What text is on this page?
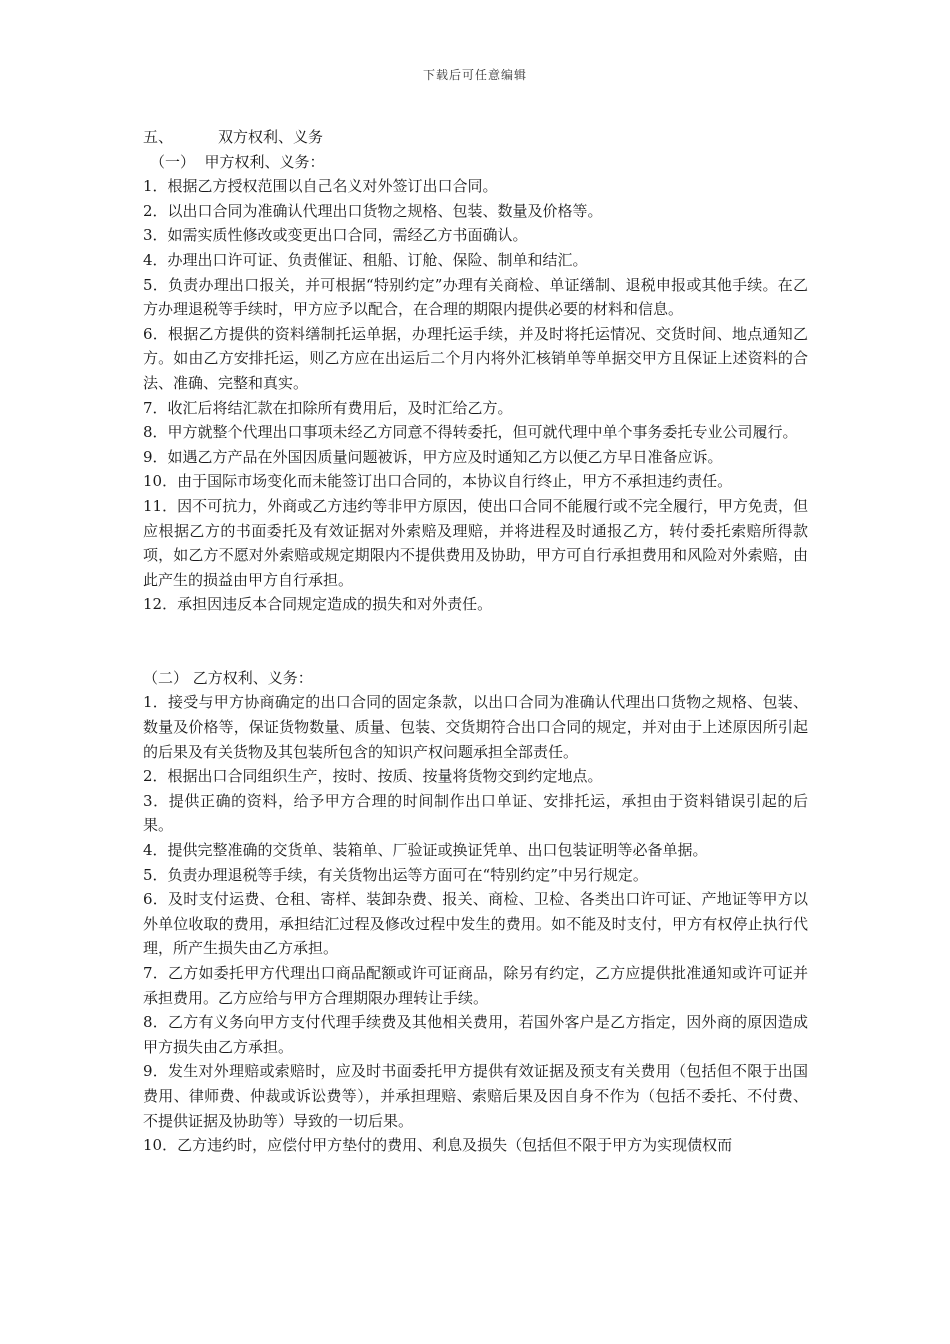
下载后可任意编辑
五、	双方权利、义务
（一）  甲方权利、义务：

1．根据乙方授权范围以自己名义对外签订出口合同。

2．以出口合同为准确认代理出口货物之规格、包装、数量及价格等。

3．如需实质性修改或变更出口合同，需经乙方书面确认。

4．办理出口许可证、负责催证、租船、订舱、保险、制单和结汇。

5．负责办理出口报关，并可根据“特别约定”办理有关商检、单证缮制、退税申报或其他手续。在乙方办理退税等手续时，甲方应予以配合，在合理的期限内提供必要的材料和信息。

6．根据乙方提供的资料缮制托运单据，办理托运手续，并及时将托运情况、交货时间、地点通知乙方。如由乙方安排托运，则乙方应在出运后二个月内将外汇核销单等单据交甲方且保证上述资料的合法、准确、完整和真实。

7．收汇后将结汇款在扣除所有费用后，及时汇给乙方。

8．甲方就整个代理出口事项未经乙方同意不得转委托，但可就代理中单个事务委托专业公司履行。

9．如遇乙方产品在外国因质量问题被诉，甲方应及时通知乙方以便乙方早日准备应诉。

10．由于国际市场变化而未能签订出口合同的，本协议自行终止，甲方不承担违约责任。

11．因不可抗力，外商或乙方违约等非甲方原因，使出口合同不能履行或不完全履行，甲方免责，但应根据乙方的书面委托及有效证据对外索赔及理赔，并将进程及时通报乙方，转付委托索赔所得款项，如乙方不愿对外索赔或规定期限内不提供费用及协助，甲方可自行承担费用和风险对外索赔，由此产生的损益由甲方自行承担。

12．承担因违反本合同规定造成的损失和对外责任。

（二） 乙方权利、义务：

1．接受与甲方协商确定的出口合同的固定条款，以出口合同为准确认代理出口货物之规格、包装、数量及价格等，保证货物数量、质量、包装、交货期符合出口合同的规定，并对由于上述原因所引起的后果及有关货物及其包装所包含的知识产权问题承担全部责任。

2．根据出口合同组织生产，按时、按质、按量将货物交到约定地点。

3．提供正确的资料，给予甲方合理的时间制作出口单证、安排托运，承担由于资料错误引起的后果。

4．提供完整准确的交货单、装箱单、厂验证或换证凭单、出口包装证明等必备单据。

5．负责办理退税等手续，有关货物出运等方面可在“特别约定”中另行规定。

6．及时支付运费、仓租、寄样、装卸杂费、报关、商检、卫检、各类出口许可证、产地证等甲方以外单位收取的费用，承担结汇过程及修改过程中发生的费用。如不能及时支付，甲方有权停止执行代理，所产生损失由乙方承担。

7．乙方如委托甲方代理出口商品配额或许可证商品，除另有约定，乙方应提供批准通知或许可证并承担费用。乙方应给与甲方合理期限办理转让手续。

8．乙方有义务向甲方支付代理手续费及其他相关费用，若国外客户是乙方指定，因外商的原因造成甲方损失由乙方承担。

9．发生对外理赔或索赔时，应及时书面委托甲方提供有效证据及预支有关费用（包括但不限于出国费用、律师费、仲裁或诉讼费等），并承担理赔、索赔后果及因自身不作为（包括不委托、不付费、不提供证据及协助等）导致的一切后果。

10．乙方违约时，应偿付甲方垫付的费用、利息及损失（包括但不限于甲方为实现债权而
